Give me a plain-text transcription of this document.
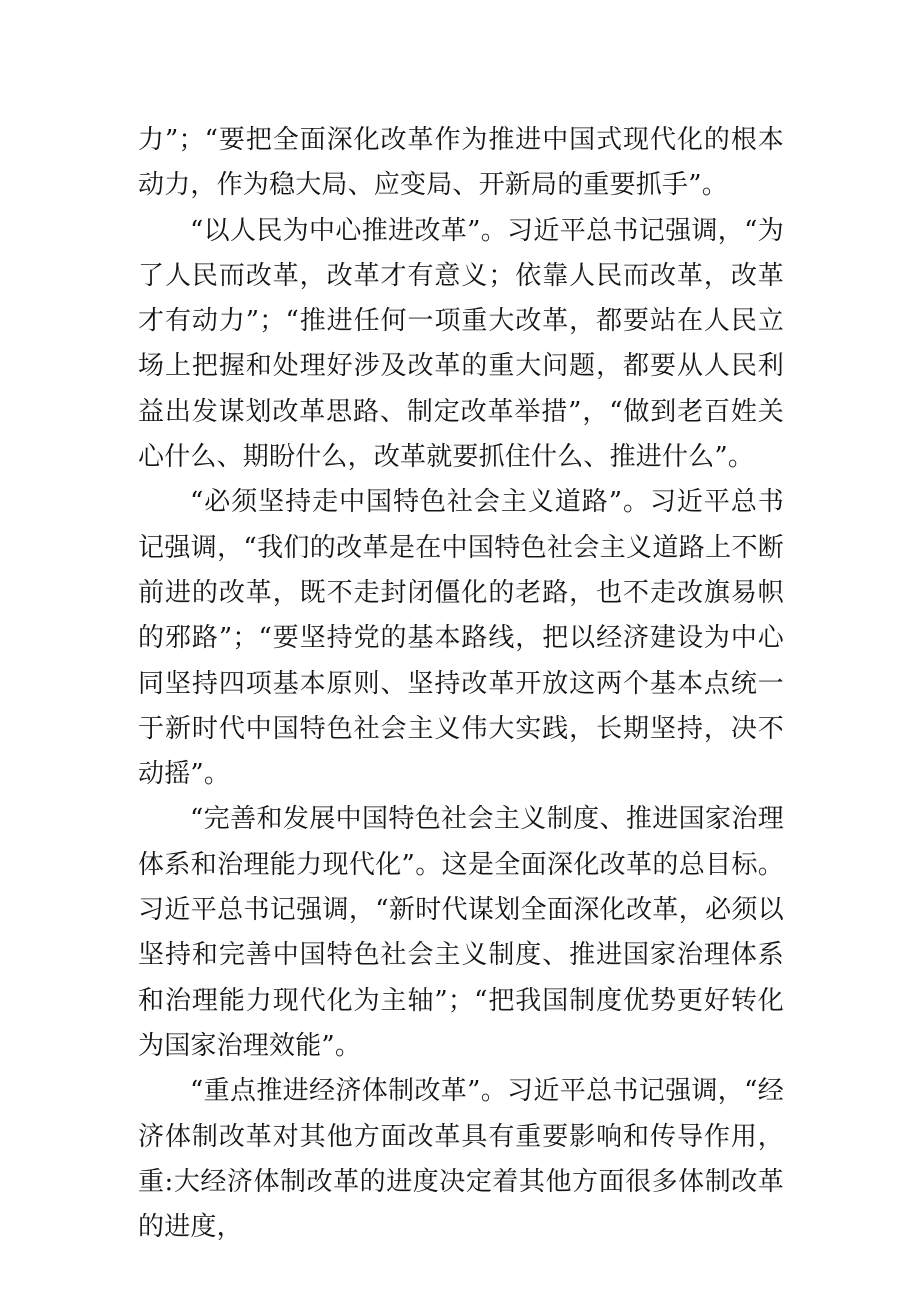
力”；“要把全面深化改革作为推进中国式现代化的根本动力，作为稳大局、应变局、开新局的重要抓手”。

“以人民为中心推进改革”。习近平总书记强调，“为了人民而改革，改革才有意义；依靠人民而改革，改革才有动力”；“推进任何一项重大改革，都要站在人民立场上把握和处理好涉及改革的重大问题，都要从人民利益出发谋划改革思路、制定改革举措”，“做到老百姓关心什么、期盼什么，改革就要抓住什么、推进什么”。

“必须坚持走中国特色社会主义道路”。习近平总书记强调，“我们的改革是在中国特色社会主义道路上不断前进的改革，既不走封闭僵化的老路，也不走改旗易帜的邪路”；“要坚持党的基本路线，把以经济建设为中心同坚持四项基本原则、坚持改革开放这两个基本点统一于新时代中国特色社会主义伟大实践，长期坚持，决不动摇”。

“完善和发展中国特色社会主义制度、推进国家治理体系和治理能力现代化”。这是全面深化改革的总目标。习近平总书记强调，“新时代谋划全面深化改革，必须以坚持和完善中国特色社会主义制度、推进国家治理体系和治理能力现代化为主轴”；“把我国制度优势更好转化为国家治理效能”。

“重点推进经济体制改革”。习近平总书记强调，“经济体制改革对其他方面改革具有重要影响和传导作用，重:大经济体制改革的进度决定着其他方面很多体制改革的进度，
